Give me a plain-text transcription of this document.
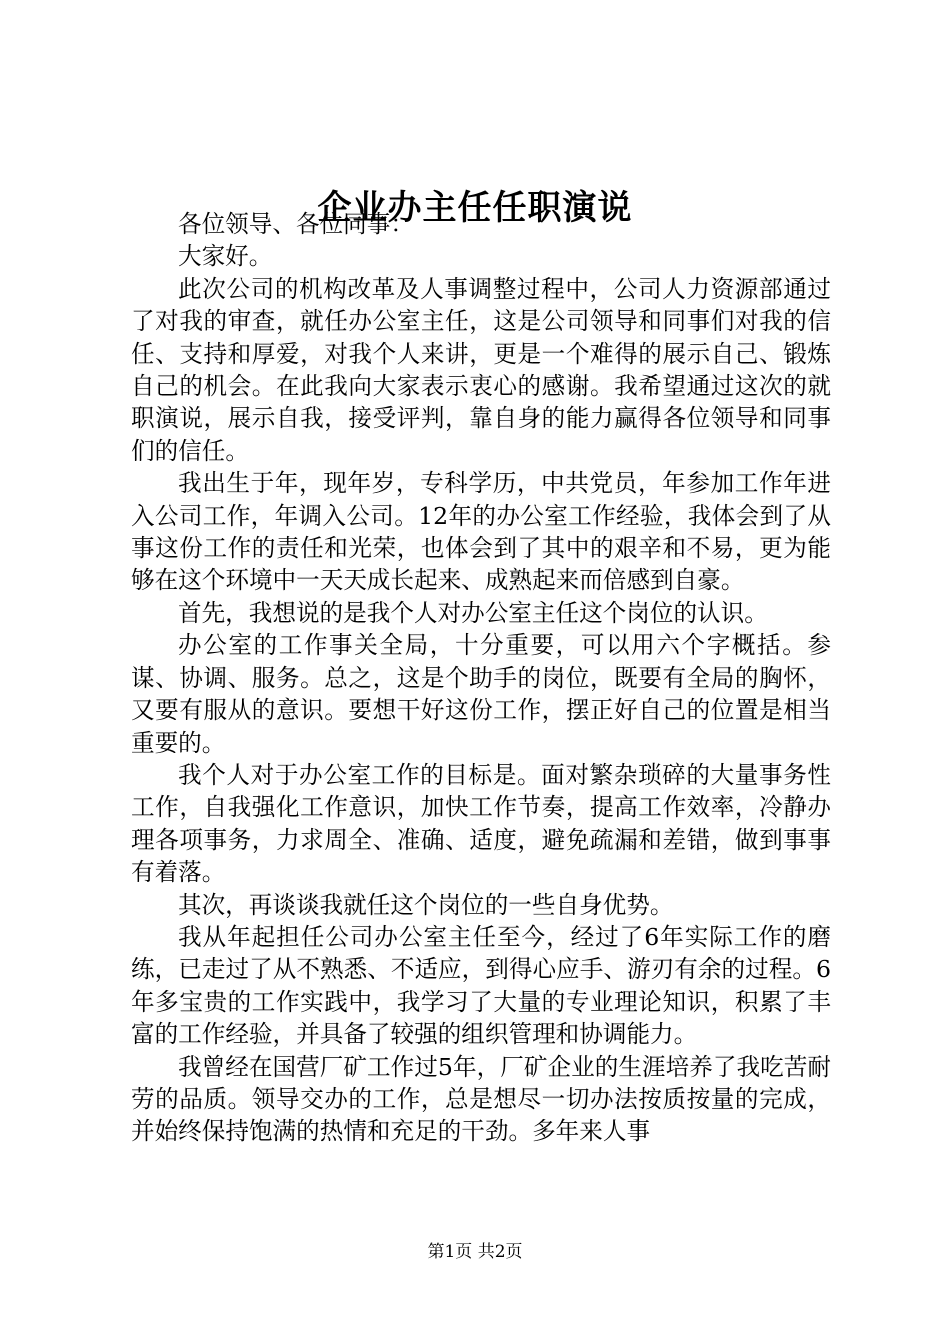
企业办主任任职演说

各位领导、各位同事：

大家好。

此次公司的机构改革及人事调整过程中，公司人力资源部通过了对我的审查，就任办公室主任，这是公司领导和同事们对我的信任、支持和厚爱，对我个人来讲，更是一个难得的展示自己、锻炼自己的机会。在此我向大家表示衷心的感谢。我希望通过这次的就职演说，展示自我，接受评判，靠自身的能力赢得各位领导和同事们的信任。

我出生于年，现年岁，专科学历，中共党员，年参加工作年进入公司工作，年调入公司。12年的办公室工作经验，我体会到了从事这份工作的责任和光荣，也体会到了其中的艰辛和不易，更为能够在这个环境中一天天成长起来、成熟起来而倍感到自豪。

首先，我想说的是我个人对办公室主任这个岗位的认识。

办公室的工作事关全局，十分重要，可以用六个字概括。参谋、协调、服务。总之，这是个助手的岗位，既要有全局的胸怀，又要有服从的意识。要想干好这份工作，摆正好自己的位置是相当重要的。

我个人对于办公室工作的目标是。面对繁杂琐碎的大量事务性工作，自我强化工作意识，加快工作节奏，提高工作效率，冷静办理各项事务，力求周全、准确、适度，避免疏漏和差错，做到事事有着落。

其次，再谈谈我就任这个岗位的一些自身优势。

我从年起担任公司办公室主任至今，经过了6年实际工作的磨练，已走过了从不熟悉、不适应，到得心应手、游刃有余的过程。6年多宝贵的工作实践中，我学习了大量的专业理论知识，积累了丰富的工作经验，并具备了较强的组织管理和协调能力。

我曾经在国营厂矿工作过5年，厂矿企业的生涯培养了我吃苦耐劳的品质。领导交办的工作，总是想尽一切办法按质按量的完成，并始终保持饱满的热情和充足的干劲。多年来人事

第1页 共2页
